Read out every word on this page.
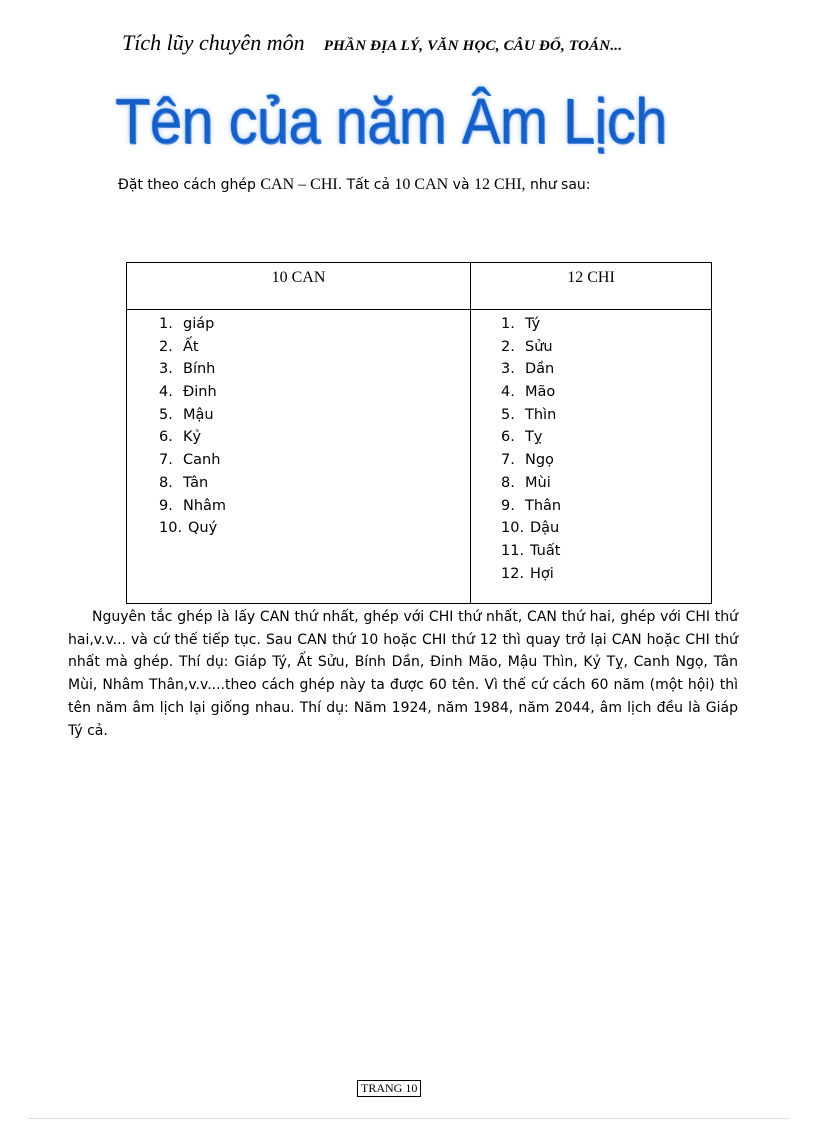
Tích lũy chuyên môn PHẦN ĐỊA LÝ, VĂN HỌC, CÂU ĐỐ, TOÁN...
Tên của năm Âm Lịch
Đặt theo cách ghép CAN – CHI. Tất cả 10 CAN và 12 CHI, như sau:
10 CAN	12 CHI
1. giáp
2. Ất
3. Bính
4. Đinh
5. Mậu
6. Kỷ
7. Canh
8. Tân
9. Nhâm
10. Quý
1. Tý
2. Sửu
3. Dần
4. Mão
5. Thìn
6. Tỵ
7. Ngọ
8. Mùi
9. Thân
10. Dậu
11. Tuất
12. Hợi

Nguyên tắc ghép là lấy CAN thứ nhất, ghép với CHI thứ nhất, CAN thứ hai, ghép với CHI thứ hai,v.v... và cứ thế tiếp tục. Sau CAN thứ 10 hoặc CHI thứ 12 thì quay trở lại CAN hoặc CHI thứ nhất mà ghép. Thí dụ: Giáp Tý, Ất Sửu, Bính Dần, Đinh Mão, Mậu Thìn, Kỷ Tỵ, Canh Ngọ, Tân Mùi, Nhâm Thân,v.v....theo cách ghép này ta được 60 tên. Vì thế cứ cách 60 năm (một hội) thì tên năm âm lịch lại giống nhau. Thí dụ: Năm 1924, năm 1984, năm 2044, âm lịch đều là Giáp Tý cả.

TRANG 10
